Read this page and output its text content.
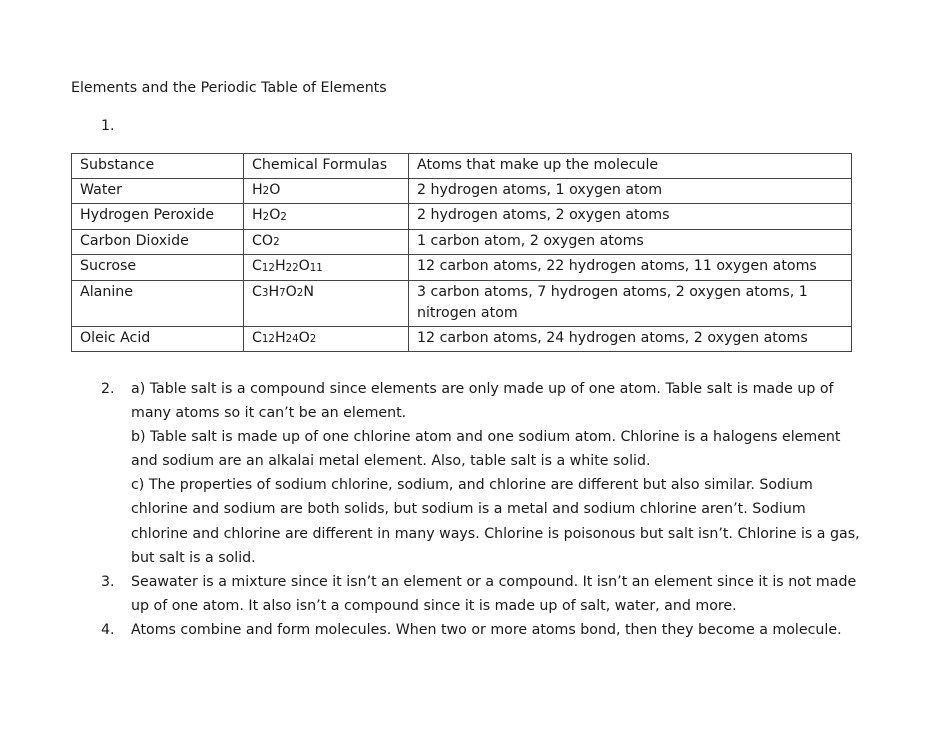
Elements and the Periodic Table of Elements
1.
Substance	Chemical Formulas	Atoms that make up the molecule
Water	$H_2O$	2 hydrogen atoms, 1 oxygen atom
Hydrogen Peroxide	$H_2O_2$	2 hydrogen atoms, 2 oxygen atoms
Carbon Dioxide	$CO_2$	1 carbon atom, 2 oxygen atoms
Sucrose	$C_{12}H_{22}O_{11}$	12 carbon atoms, 22 hydrogen atoms, 11 oxygen atoms
Alanine	$C_3H_7O_2N$	3 carbon atoms, 7 hydrogen atoms, 2 oxygen atoms, 1 nitrogen atom
Oleic Acid	$C_{12}H_{24}O_2$	12 carbon atoms, 24 hydrogen atoms, 2 oxygen atoms
2. a) Table salt is a compound since elements are only made up of one atom. Table salt is made up of many atoms so it can’t be an element.
b) Table salt is made up of one chlorine atom and one sodium atom. Chlorine is a halogens element and sodium are an alkalai metal element. Also, table salt is a white solid.
c) The properties of sodium chlorine, sodium, and chlorine are different but also similar. Sodium chlorine and sodium are both solids, but sodium is a metal and sodium chlorine aren’t. Sodium chlorine and chlorine are different in many ways. Chlorine is poisonous but salt isn’t. Chlorine is a gas, but salt is a solid.
3. Seawater is a mixture since it isn’t an element or a compound. It isn’t an element since it is not made up of one atom. It also isn’t a compound since it is made up of salt, water, and more.
4. Atoms combine and form molecules. When two or more atoms bond, then they become a molecule.
